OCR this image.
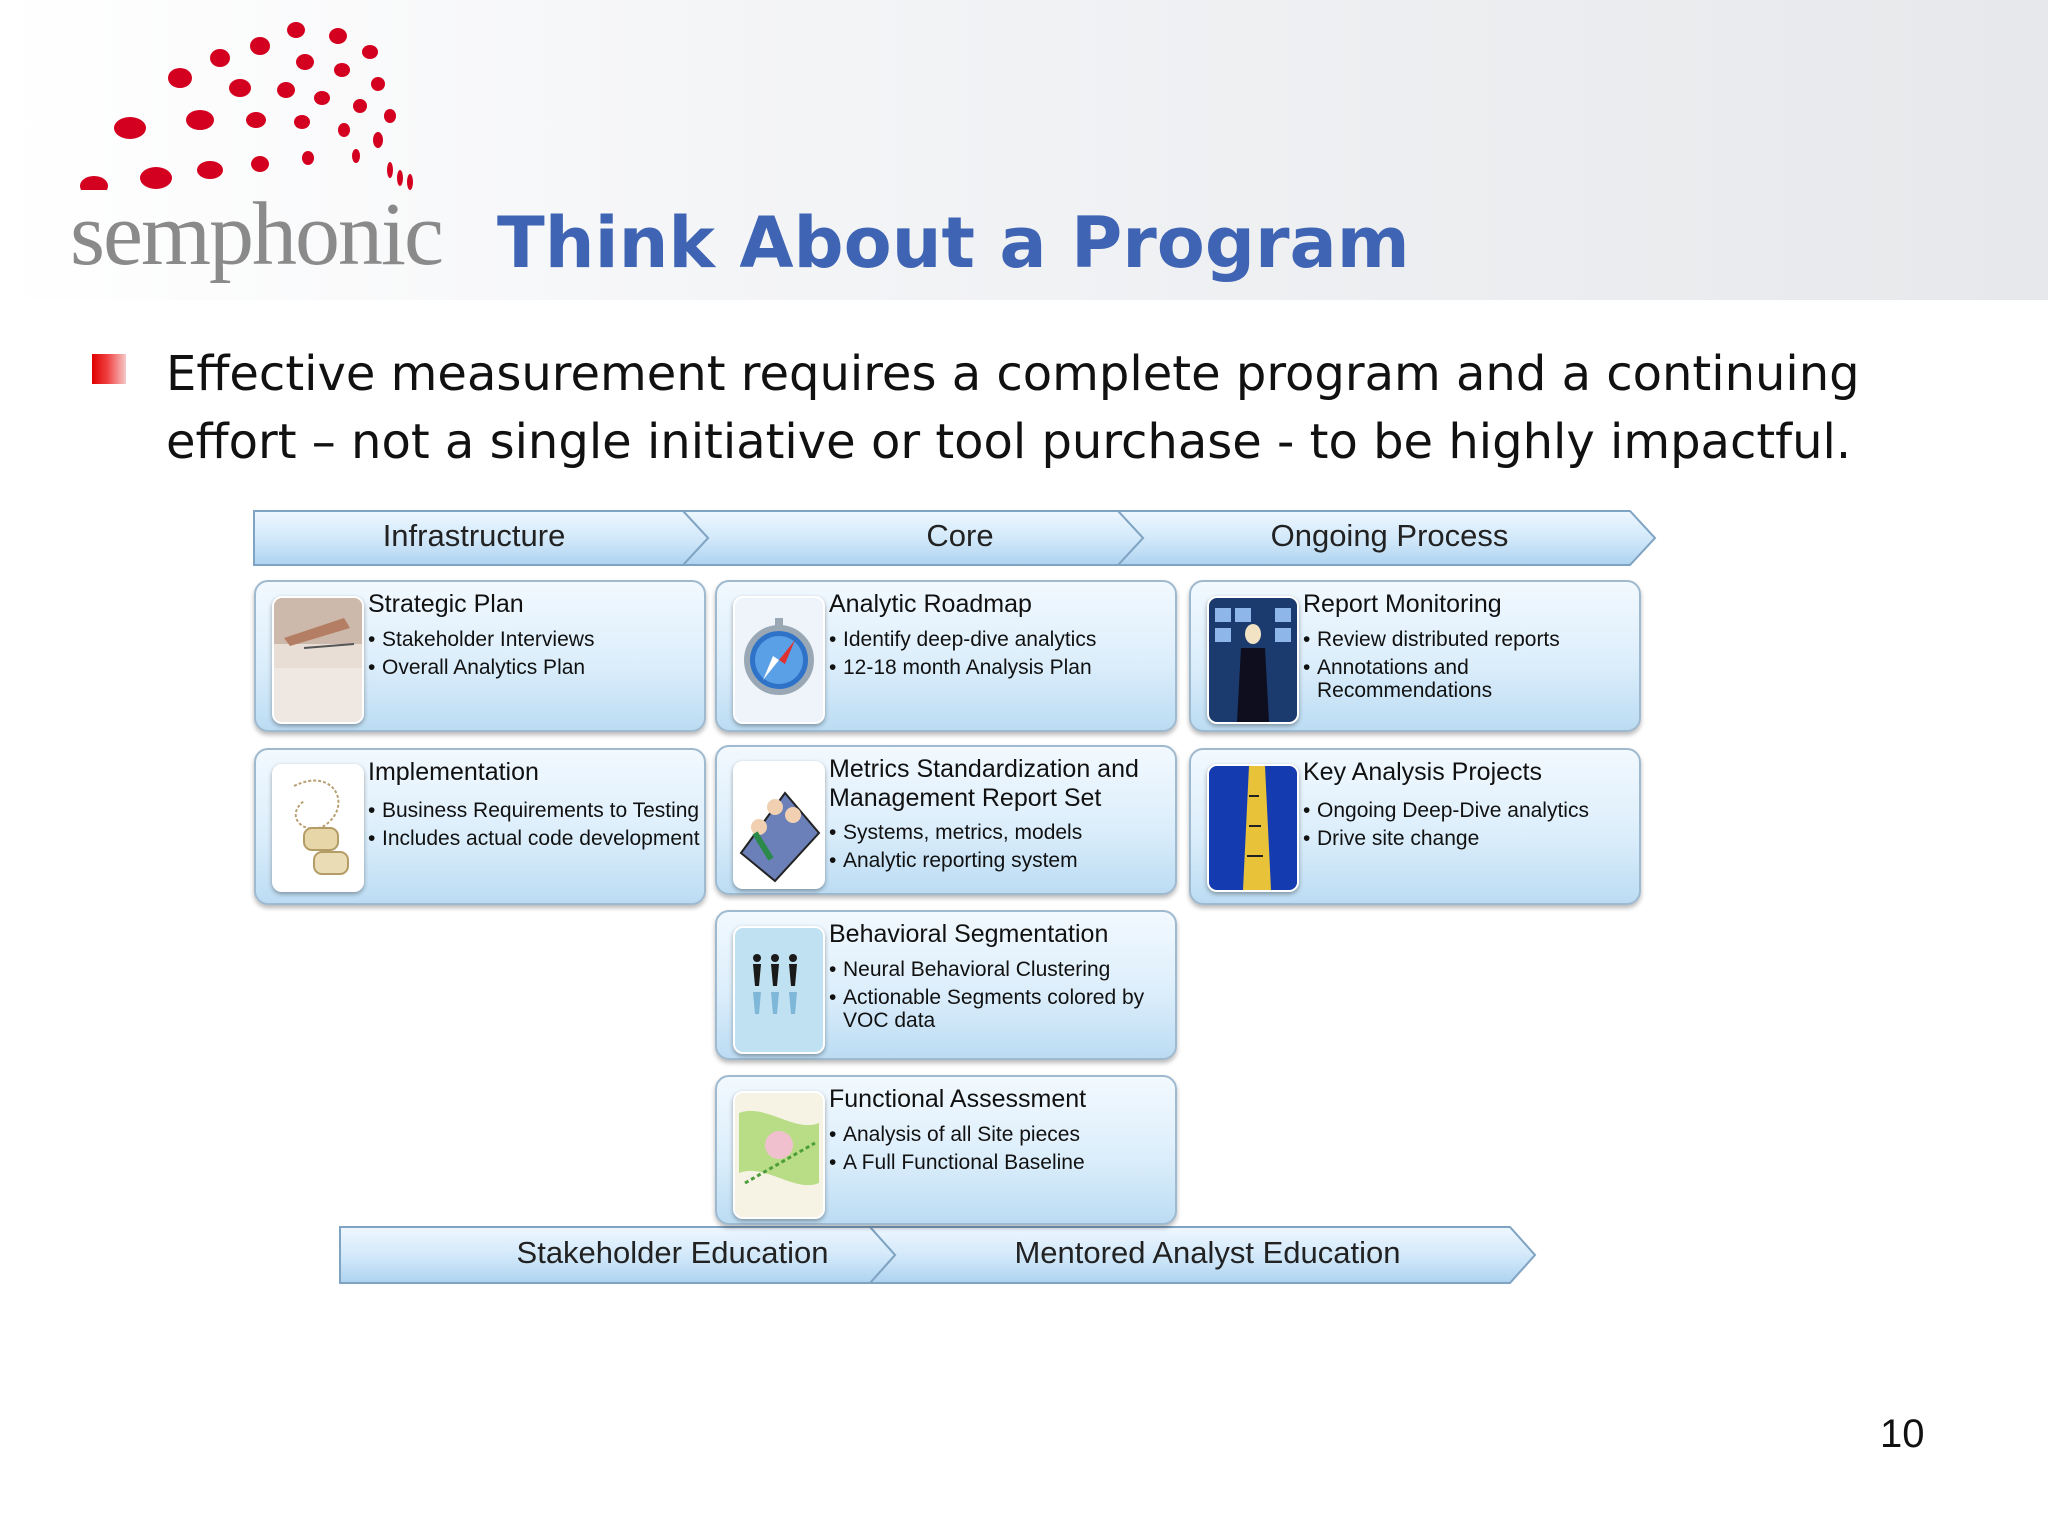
semphonic Think About a Program

Effective measurement requires a complete program and a continuing
effort – not a single initiative or tool purchase - to be highly impactful.

Infrastructure	Core	Ongoing Process
Stakeholder Education	Mentored Analyst Education
Strategic Plan
• Stakeholder Interviews
• Overall Analytics Plan
Implementation
• Business Requirements to Testing
• Includes actual code development
Analytic Roadmap
• Identify deep-dive analytics
• 12-18 month Analysis Plan
Metrics Standardization and Management Report Set
• Systems, metrics, models
• Analytic reporting system
Behavioral Segmentation
• Neural Behavioral Clustering
• Actionable Segments colored by VOC data
Functional Assessment
• Analysis of all Site pieces
• A Full Functional Baseline
Report Monitoring
• Review distributed reports
• Annotations and Recommendations
Key Analysis Projects
• Ongoing Deep-Dive analytics
• Drive site change
10
